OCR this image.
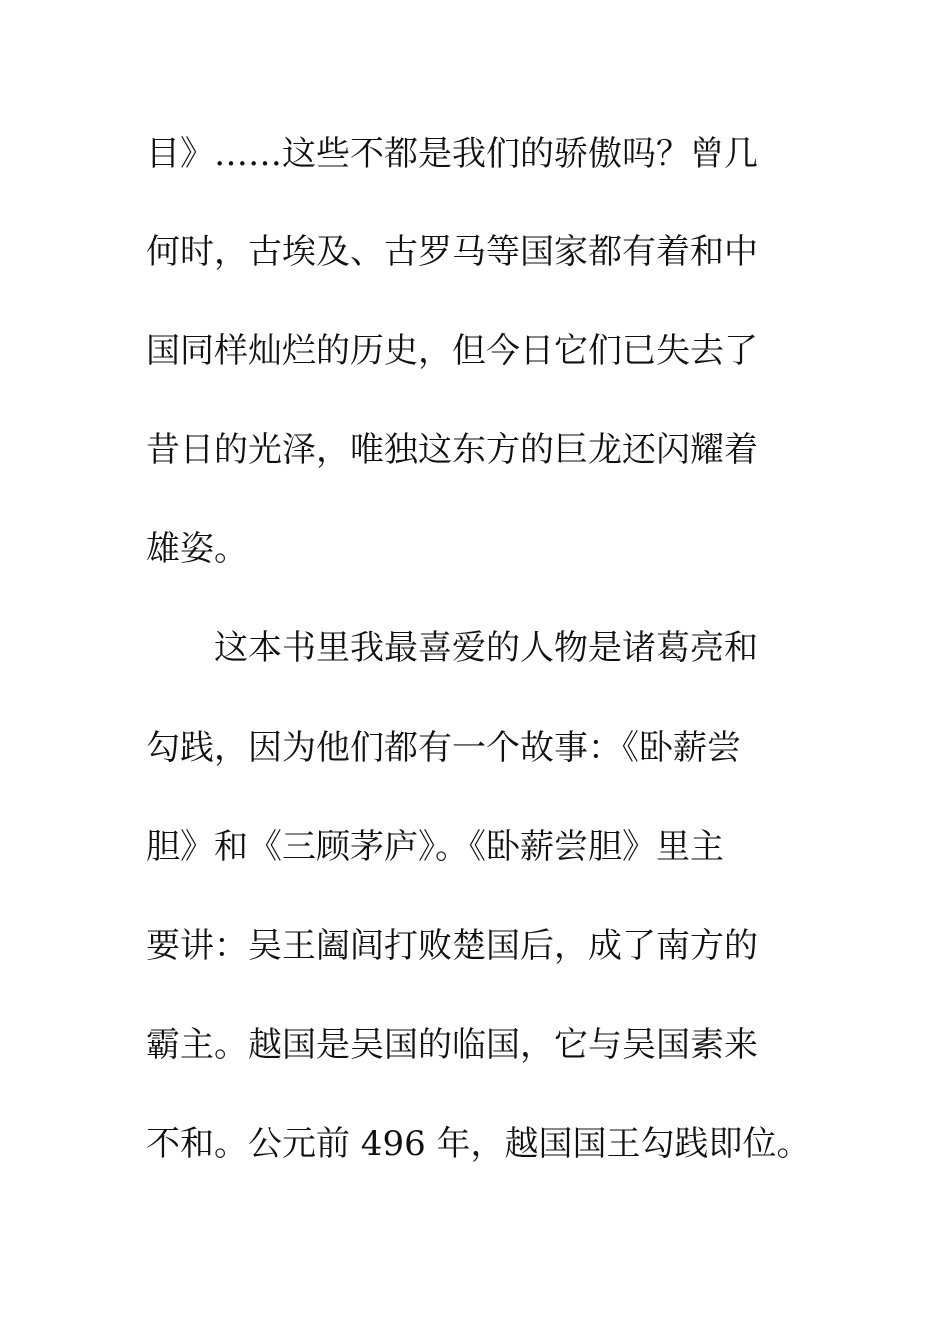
目》……这些不都是我们的骄傲吗？曾几
何时，古埃及、古罗马等国家都有着和中
国同样灿烂的历史，但今日它们已失去了
昔日的光泽，唯独这东方的巨龙还闪耀着
雄姿。
这本书里我最喜爱的人物是诸葛亮和
勾践，因为他们都有一个故事：《卧薪尝
胆》和《三顾茅庐》。《卧薪尝胆》里主
要讲：吴王阖闾打败楚国后，成了南方的
霸主。越国是吴国的临国，它与吴国素来
不和。公元前 496 年，越国国王勾践即位。
